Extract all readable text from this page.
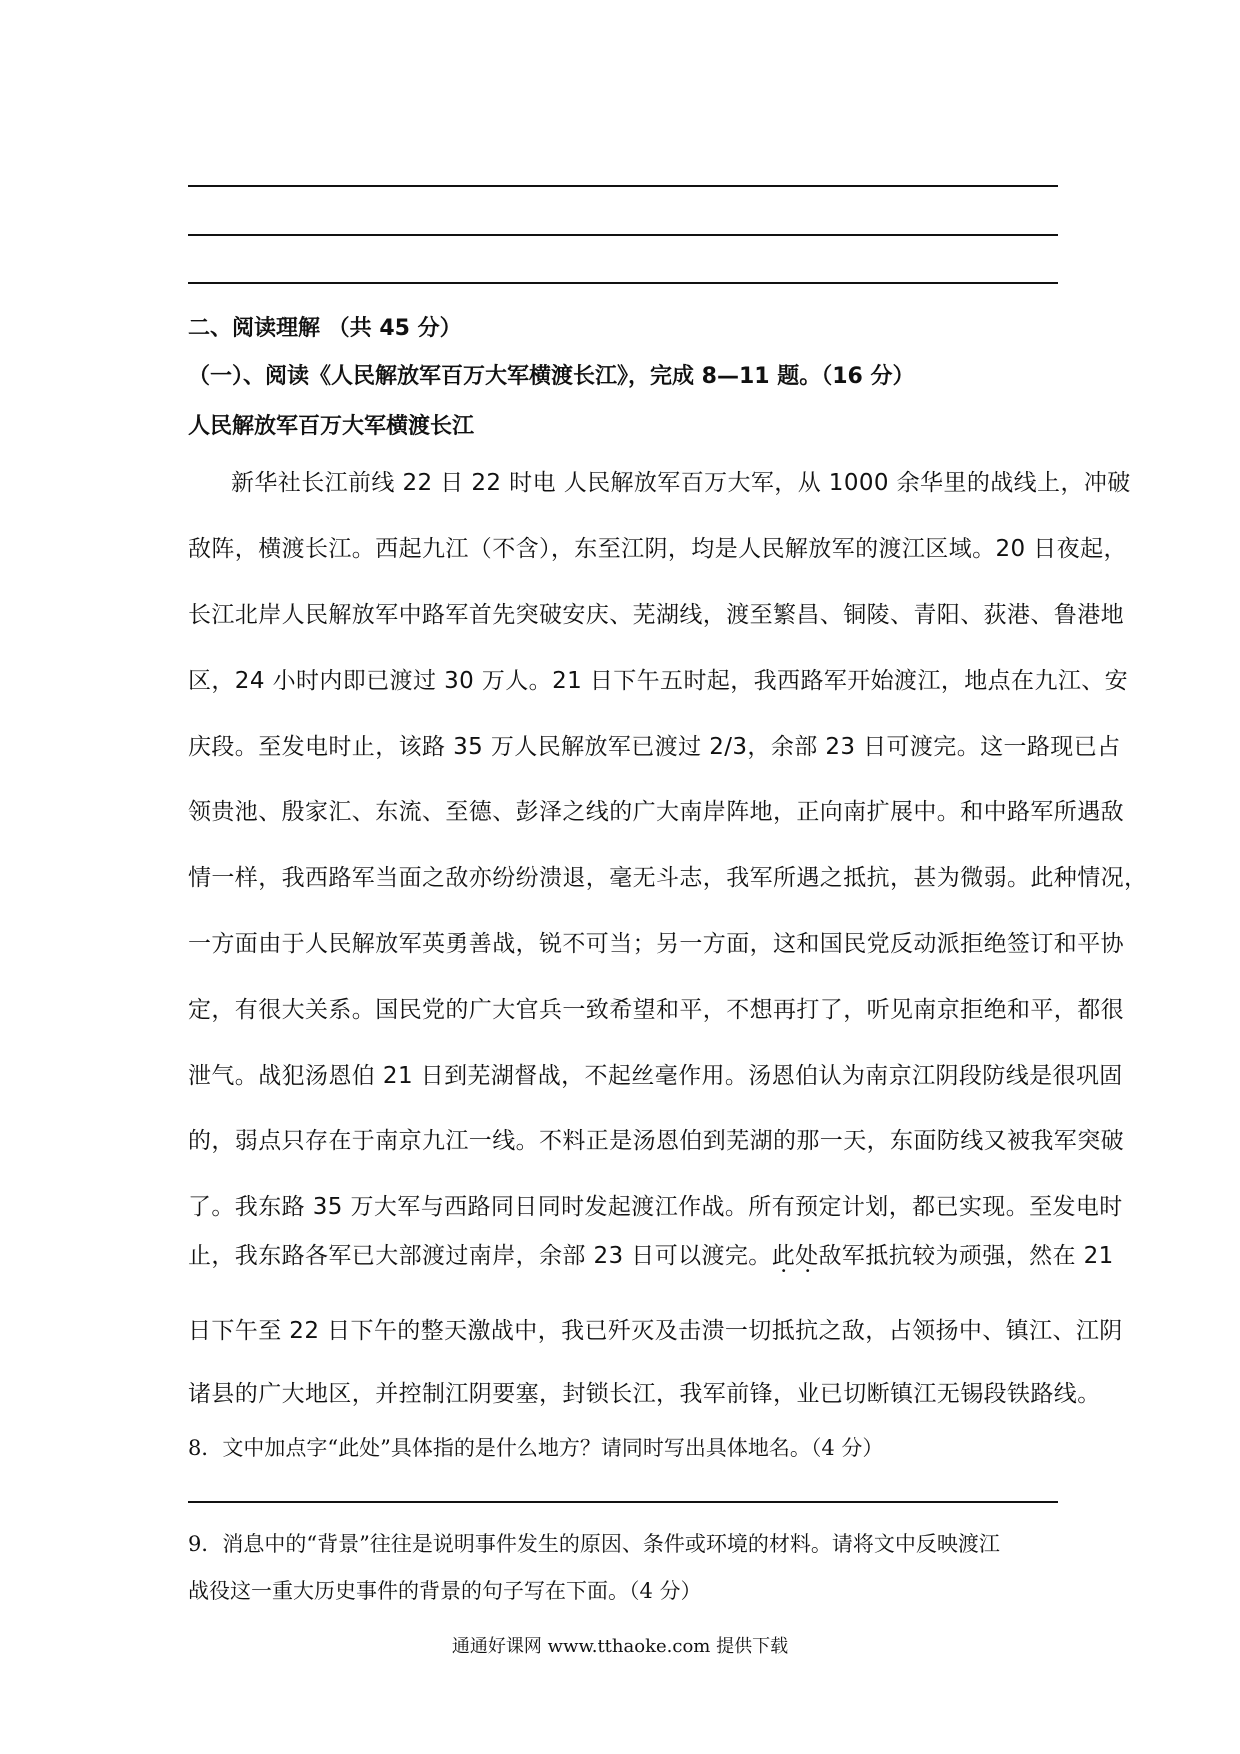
二、阅读理解 （共 45 分）
（一）、阅读《人民解放军百万大军横渡长江》，完成 8—11 题。（16 分）
人民解放军百万大军横渡长江
新华社长江前线 22 日 22 时电 人民解放军百万大军，从 1000 余华里的战线上，冲破
敌阵，横渡长江。西起九江（不含），东至江阴，均是人民解放军的渡江区域。20 日夜起，
长江北岸人民解放军中路军首先突破安庆、芜湖线，渡至繁昌、铜陵、青阳、荻港、鲁港地
区，24 小时内即已渡过 30 万人。21 日下午五时起，我西路军开始渡江，地点在九江、安
庆段。至发电时止，该路 35 万人民解放军已渡过 2/3，余部 23 日可渡完。这一路现已占
领贵池、殷家汇、东流、至德、彭泽之线的广大南岸阵地，正向南扩展中。和中路军所遇敌
情一样，我西路军当面之敌亦纷纷溃退，毫无斗志，我军所遇之抵抗，甚为微弱。此种情况，
一方面由于人民解放军英勇善战，锐不可当；另一方面，这和国民党反动派拒绝签订和平协
定，有很大关系。国民党的广大官兵一致希望和平，不想再打了，听见南京拒绝和平，都很
泄气。战犯汤恩伯 21 日到芜湖督战，不起丝毫作用。汤恩伯认为南京江阴段防线是很巩固
的，弱点只存在于南京九江一线。不料正是汤恩伯到芜湖的那一天，东面防线又被我军突破
了。我东路 35 万大军与西路同日同时发起渡江作战。所有预定计划，都已实现。至发电时
止，我东路各军已大部渡过南岸，余部 23 日可以渡完。此处
• •
敌军抵抗较为顽强，然在 21
日下午至 22 日下午的整天激战中，我已歼灭及击溃一切抵抗之敌，占领扬中、镇江、江阴
诸县的广大地区，并控制江阴要塞，封锁长江，我军前锋，业已切断镇江无锡段铁路线。
8．文中加点字“此处”具体指的是什么地方？请同时写出具体地名。（4 分）
9．消息中的“背景”往往是说明事件发生的原因、条件或环境的材料。请将文中反映渡江
战役这一重大历史事件的背景的句子写在下面。（4 分）
通通好课网 www.tthaoke.com 提供下载
